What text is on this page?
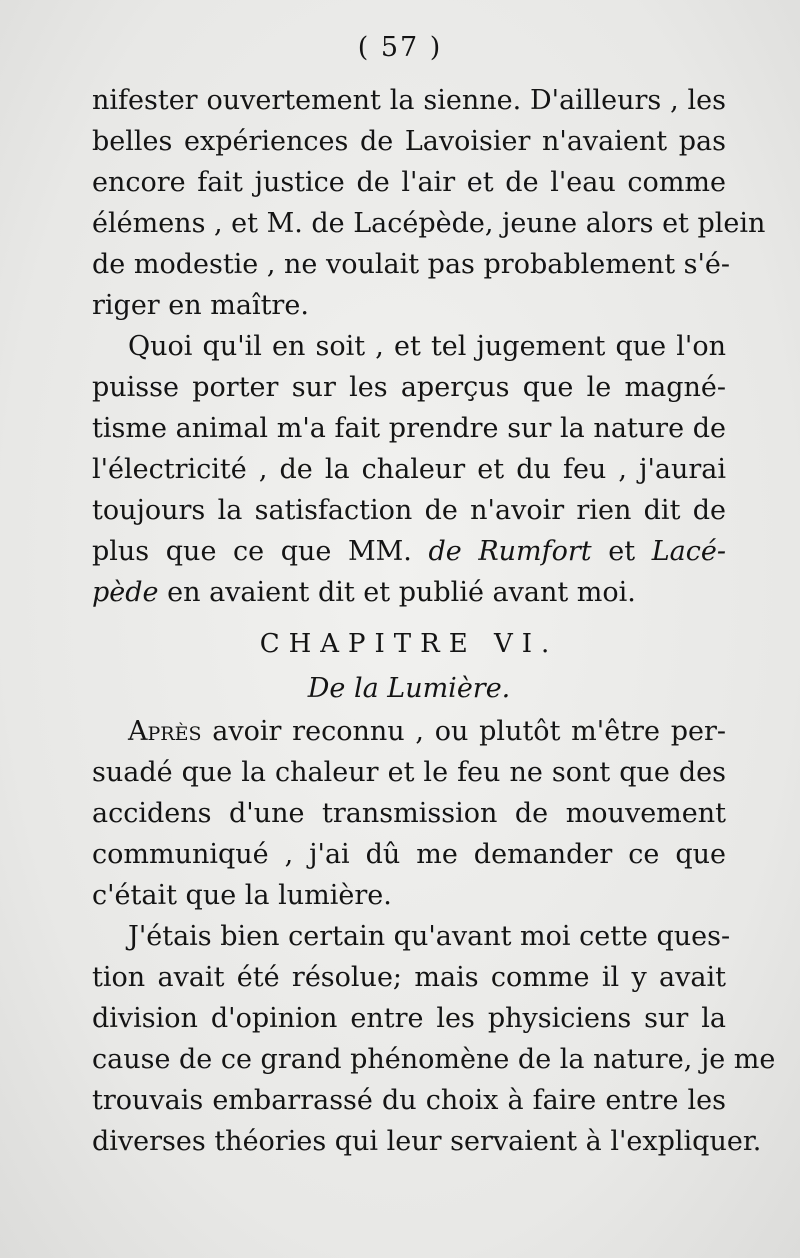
( 57 )
nifester ouvertement la sienne. D'ailleurs , les
belles expériences de Lavoisier n'avaient pas
encore fait justice de l'air et de l'eau comme
élémens , et M. de Lacépède, jeune alors et plein
de modestie , ne voulait pas probablement s'é-
riger en maître.
Quoi qu'il en soit , et tel jugement que l'on
puisse porter sur les aperçus que le magné-
tisme animal m'a fait prendre sur la nature de
l'électricité , de la chaleur et du feu , j'aurai
toujours la satisfaction de n'avoir rien dit de
plus que ce que MM. de Rumfort et Lacé-
pède en avaient dit et publié avant moi.
CHAPITRE VI.
De la Lumière.
Après avoir reconnu , ou plutôt m'être per-
suadé que la chaleur et le feu ne sont que des
accidens d'une transmission de mouvement
communiqué , j'ai dû me demander ce que
c'était que la lumière.
J'étais bien certain qu'avant moi cette ques-
tion avait été résolue; mais comme il y avait
division d'opinion entre les physiciens sur la
cause de ce grand phénomène de la nature, je me
trouvais embarrassé du choix à faire entre les
diverses théories qui leur servaient à l'expliquer.
